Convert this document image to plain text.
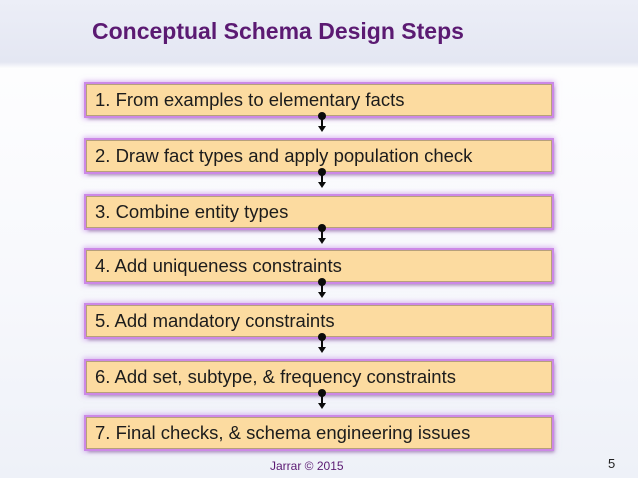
Conceptual Schema Design Steps
1. From examples to elementary facts
2. Draw fact types and apply population check
3. Combine entity types
4. Add uniqueness constraints
5. Add mandatory constraints
6. Add set, subtype, & frequency constraints
7. Final checks, & schema engineering issues
Jarrar © 2015	5
